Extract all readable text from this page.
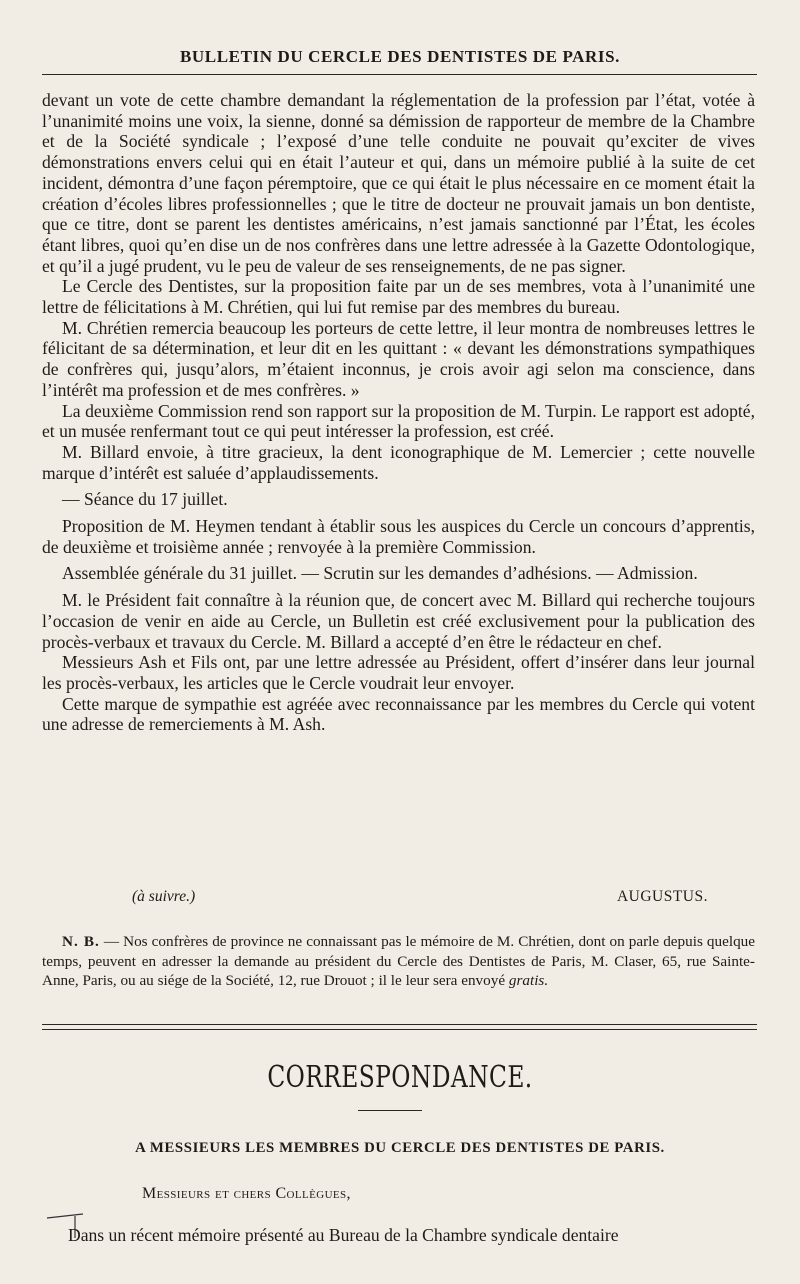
BULLETIN DU CERCLE DES DENTISTES DE PARIS.

devant un vote de cette chambre demandant la réglementation de la profession par l’état, votée à l’unanimité moins une voix, la sienne, donné sa démission de rapporteur de membre de la Chambre et de la Société syndicale ; l’exposé d’une telle conduite ne pouvait qu’exciter de vives démonstrations envers celui qui en était l’auteur et qui, dans un mémoire publié à la suite de cet incident, démontra d’une façon péremptoire, que ce qui était le plus nécessaire en ce moment était la création d’écoles libres professionnelles ; que le titre de docteur ne prouvait jamais un bon dentiste, que ce titre, dont se parent les dentistes américains, n’est jamais sanctionné par l’État, les écoles étant libres, quoi qu’en dise un de nos confrères dans une lettre adressée à la Gazette Odontologique, et qu’il a jugé prudent, vu le peu de valeur de ses renseignements, de ne pas signer.

Le Cercle des Dentistes, sur la proposition faite par un de ses membres, vota à l’unanimité une lettre de félicitations à M. Chrétien, qui lui fut remise par des membres du bureau.

M. Chrétien remercia beaucoup les porteurs de cette lettre, il leur montra de nombreuses lettres le félicitant de sa détermination, et leur dit en les quittant : « devant les démonstrations sympathiques de confrères qui, jusqu’alors, m’étaient inconnus, je crois avoir agi selon ma conscience, dans l’intérêt ma profession et de mes confrères. »

La deuxième Commission rend son rapport sur la proposition de M. Turpin. Le rapport est adopté, et un musée renfermant tout ce qui peut intéresser la profession, est créé.

M. Billard envoie, à titre gracieux, la dent iconographique de M. Lemercier ; cette nouvelle marque d’intérêt est saluée d’applaudissements.

— Séance du 17 juillet.

Proposition de M. Heymen tendant à établir sous les auspices du Cercle un concours d’apprentis, de deuxième et troisième année ; renvoyée à la première Commission.

Assemblée générale du 31 juillet. — Scrutin sur les demandes d’adhésions. — Admission.

M. le Président fait connaître à la réunion que, de concert avec M. Billard qui recherche toujours l’occasion de venir en aide au Cercle, un Bulletin est créé exclusivement pour la publication des procès-verbaux et travaux du Cercle. M. Billard a accepté d’en être le rédacteur en chef.

Messieurs Ash et Fils ont, par une lettre adressée au Président, offert d’insérer dans leur journal les procès-verbaux, les articles que le Cercle voudrait leur envoyer.

Cette marque de sympathie est agréée avec reconnaissance par les membres du Cercle qui votent une adresse de remerciements à M. Ash.

(à suivre.)	AUGUSTUS.

N. B. — Nos confrères de province ne connaissant pas le mémoire de M. Chrétien, dont on parle depuis quelque temps, peuvent en adresser la demande au président du Cercle des Dentistes de Paris, M. Claser, 65, rue Sainte-Anne, Paris, ou au siége de la Société, 12, rue Drouot ; il le leur sera envoyé gratis.

CORRESPONDANCE.
A MESSIEURS LES MEMBRES DU CERCLE DES DENTISTES DE PARIS.
Messieurs et chers Collègues,
Dans un récent mémoire présenté au Bureau de la Chambre syndicale dentaire
